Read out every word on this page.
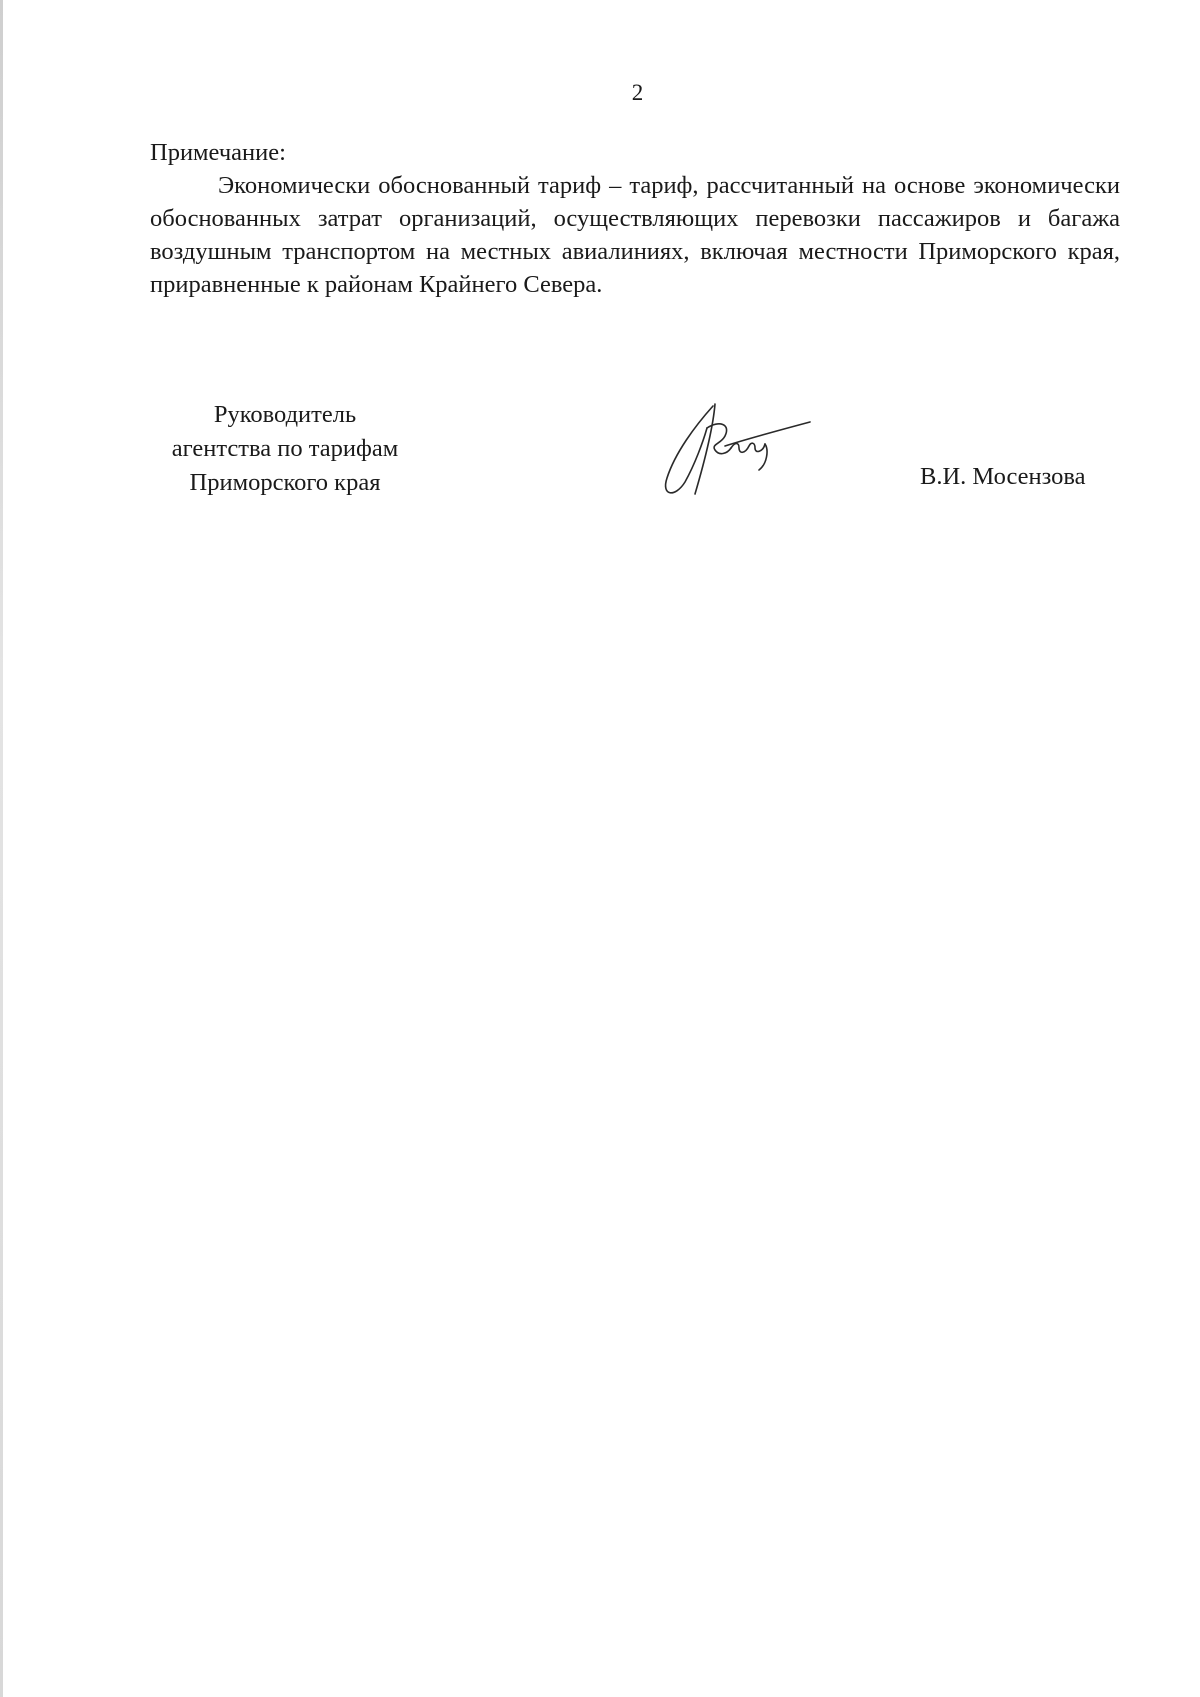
2
Примечание:

Экономически обоснованный тариф – тариф, рассчитанный на основе экономически обоснованных затрат организаций, осуществляющих перевозки пассажиров и багажа воздушным транспортом на местных авиалиниях, включая местности Приморского края, приравненные к районам Крайнего Севера.

Руководитель
агентства по тарифам
Приморского края	В.И. Мосензова
